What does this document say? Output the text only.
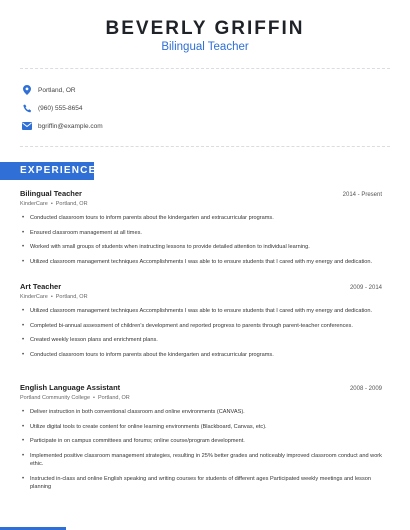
BEVERLY GRIFFIN
Bilingual Teacher
Portland, OR
(960) 555-8654
bgriffin@example.com
EXPERIENCE
Bilingual Teacher	2014 - Present
KinderCare • Portland, OR
• Conducted classroom tours to inform parents about the kindergarten and extracurricular programs.
• Ensured classroom management at all times.
• Worked with small groups of students when instructing lessons to provide detailed attention to individual learning.
• Utilized classroom management techniques Accomplishments I was able to to ensure students that I cared with my energy and dedication.
Art Teacher	2009 - 2014
KinderCare • Portland, OR
• Utilized classroom management techniques Accomplishments I was able to to ensure students that I cared with my energy and dedication.
• Completed bi-annual assessment of children's development and reported progress to parents through parent-teacher conferences.
• Created weekly lesson plans and enrichment plans.
• Conducted classroom tours to inform parents about the kindergarten and extracurricular programs.
English Language Assistant	2008 - 2009
Portland Community College • Portland, OR
• Deliver instruction in both conventional classroom and online environments (CANVAS).
• Utilize digital tools to create content for online learning environments (Blackboard, Canvas, etc).
• Participate in on campus committees and forums; online course/program development.
• Implemented positive classroom management strategies, resulting in 25% better grades and noticeably improved classroom conduct and work ethic.
• Instructed in-class and online English speaking and writing courses for students of different ages Participated weekly meetings and lesson planning
